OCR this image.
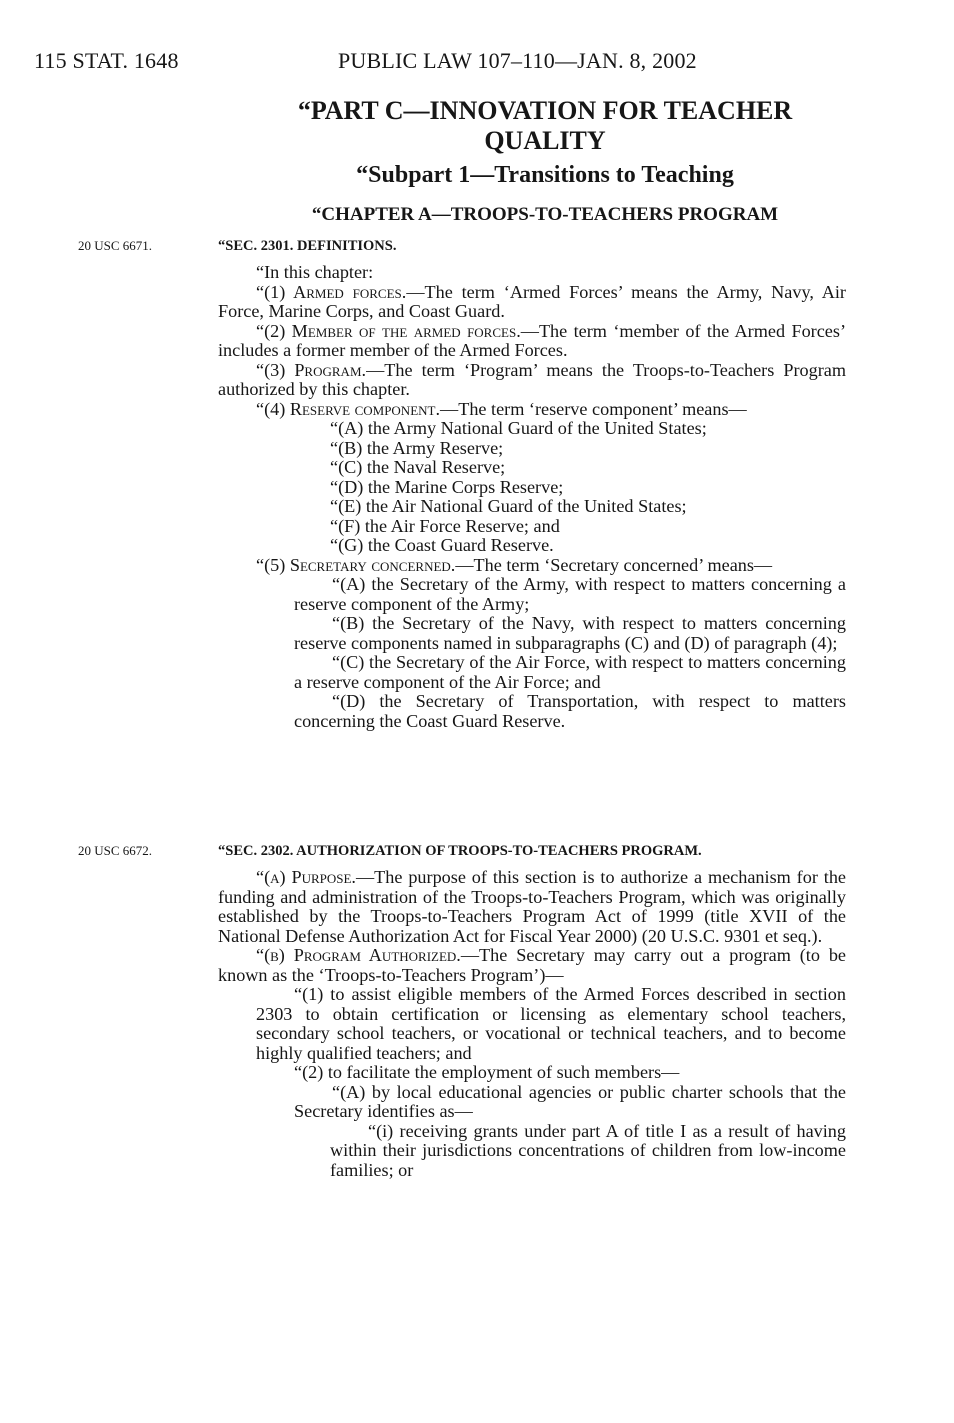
115 STAT. 1648	PUBLIC LAW 107–110—JAN. 8, 2002
“PART C—INNOVATION FOR TEACHER QUALITY
“Subpart 1—Transitions to Teaching
“CHAPTER A—TROOPS-TO-TEACHERS PROGRAM
20 USC 6671.	“SEC. 2301. DEFINITIONS.

“In this chapter:

“(1) Armed forces.—The term ‘Armed Forces’ means the Army, Navy, Air Force, Marine Corps, and Coast Guard.

“(2) Member of the armed forces.—The term ‘member of the Armed Forces’ includes a former member of the Armed Forces.

“(3) Program.—The term ‘Program’ means the Troops-to-Teachers Program authorized by this chapter.

“(4) Reserve component.—The term ‘reserve component’ means—

“(A) the Army National Guard of the United States;

“(B) the Army Reserve;

“(C) the Naval Reserve;

“(D) the Marine Corps Reserve;

“(E) the Air National Guard of the United States;

“(F) the Air Force Reserve; and

“(G) the Coast Guard Reserve.

“(5) Secretary concerned.—The term ‘Secretary concerned’ means—

“(A) the Secretary of the Army, with respect to matters concerning a reserve component of the Army;

“(B) the Secretary of the Navy, with respect to matters concerning reserve components named in subparagraphs (C) and (D) of paragraph (4);

“(C) the Secretary of the Air Force, with respect to matters concerning a reserve component of the Air Force; and

“(D) the Secretary of Transportation, with respect to matters concerning the Coast Guard Reserve.

20 USC 6672.	“SEC. 2302. AUTHORIZATION OF TROOPS-TO-TEACHERS PROGRAM.

“(a) Purpose.—The purpose of this section is to authorize a mechanism for the funding and administration of the Troops-to-Teachers Program, which was originally established by the Troops-to-Teachers Program Act of 1999 (title XVII of the National Defense Authorization Act for Fiscal Year 2000) (20 U.S.C. 9301 et seq.).

“(b) Program Authorized.—The Secretary may carry out a program (to be known as the ‘Troops-to-Teachers Program’)—

“(1) to assist eligible members of the Armed Forces described in section 2303 to obtain certification or licensing as elementary school teachers, secondary school teachers, or vocational or technical teachers, and to become highly qualified teachers; and

“(2) to facilitate the employment of such members—

“(A) by local educational agencies or public charter schools that the Secretary identifies as—

“(i) receiving grants under part A of title I as a result of having within their jurisdictions concentrations of children from low-income families; or
